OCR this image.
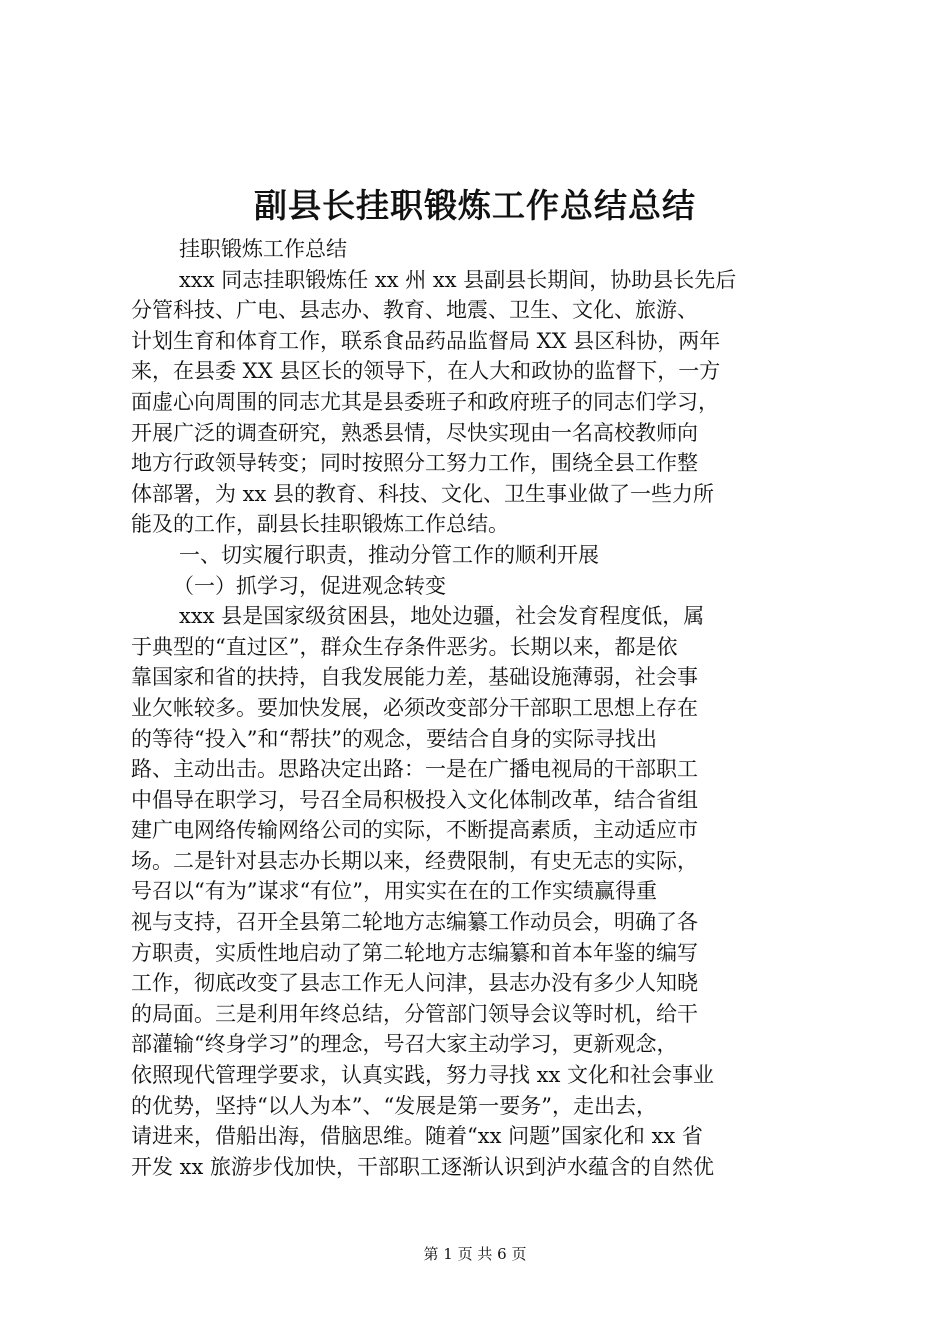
副县长挂职锻炼工作总结总结
挂职锻炼工作总结
xxx 同志挂职锻炼任 xx 州 xx 县副县长期间，协助县长先后
分管科技、广电、县志办、教育、地震、卫生、文化、旅游、
计划生育和体育工作，联系食品药品监督局 XX 县区科协，两年
来，在县委 XX 县区长的领导下，在人大和政协的监督下，一方
面虚心向周围的同志尤其是县委班子和政府班子的同志们学习，
开展广泛的调查研究，熟悉县情，尽快实现由一名高校教师向
地方行政领导转变；同时按照分工努力工作，围绕全县工作整
体部署，为 xx 县的教育、科技、文化、卫生事业做了一些力所
能及的工作，副县长挂职锻炼工作总结。
一、切实履行职责，推动分管工作的顺利开展
（一）抓学习，促进观念转变
xxx 县是国家级贫困县，地处边疆，社会发育程度低，属
于典型的“直过区”，群众生存条件恶劣。长期以来，都是依
靠国家和省的扶持，自我发展能力差，基础设施薄弱，社会事
业欠帐较多。要加快发展，必须改变部分干部职工思想上存在
的等待“投入”和“帮扶”的观念，要结合自身的实际寻找出
路、主动出击。思路决定出路：一是在广播电视局的干部职工
中倡导在职学习，号召全局积极投入文化体制改革，结合省组
建广电网络传输网络公司的实际，不断提高素质，主动适应市
场。二是针对县志办长期以来，经费限制，有史无志的实际，
号召以“有为”谋求“有位”，用实实在在的工作实绩赢得重
视与支持，召开全县第二轮地方志编纂工作动员会，明确了各
方职责，实质性地启动了第二轮地方志编纂和首本年鉴的编写
工作，彻底改变了县志工作无人问津，县志办没有多少人知晓
的局面。三是利用年终总结，分管部门领导会议等时机，给干
部灌输“终身学习”的理念，号召大家主动学习，更新观念，
依照现代管理学要求，认真实践，努力寻找 xx 文化和社会事业
的优势，坚持“以人为本”、“发展是第一要务”，走出去，
请进来，借船出海，借脑思维。随着“xx 问题”国家化和 xx 省
开发 xx 旅游步伐加快，干部职工逐渐认识到泸水蕴含的自然优
第 1 页 共 6 页
